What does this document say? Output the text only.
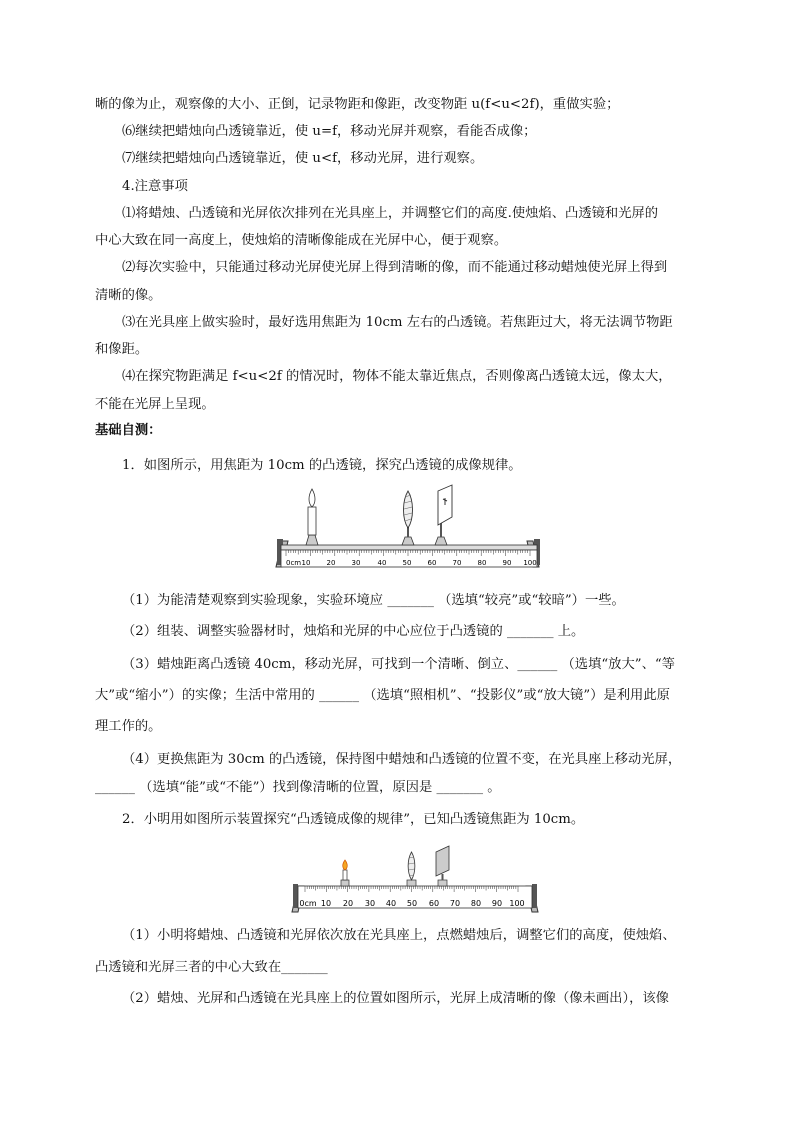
晰的像为止，观察像的大小、正倒，记录物距和像距，改变物距 u(f<u<2f)，重做实验；
⑹继续把蜡烛向凸透镜靠近，使 u=f，移动光屏并观察，看能否成像；
⑺继续把蜡烛向凸透镜靠近，使 u<f，移动光屏，进行观察。
4.注意事项
⑴将蜡烛、凸透镜和光屏依次排列在光具座上，并调整它们的高度.使烛焰、凸透镜和光屏的
中心大致在同一高度上，使烛焰的清晰像能成在光屏中心，便于观察。
⑵每次实验中，只能通过移动光屏使光屏上得到清晰的像，而不能通过移动蜡烛使光屏上得到
清晰的像。
⑶在光具座上做实验时，最好选用焦距为 10cm 左右的凸透镜。若焦距过大，将无法调节物距
和像距。
⑷在探究物距满足 f<u<2f 的情况时，物体不能太靠近焦点，否则像离凸透镜太远，像太大，
不能在光屏上呈现。
基础自测：
1．如图所示，用焦距为 10cm 的凸透镜，探究凸透镜的成像规律。
0cm 10 20 30 40 50 60 70 80 90 100
（1）为能清楚观察到实验现象，实验环境应 _______ （选填“较亮”或“较暗”）一些。
（2）组装、调整实验器材时，烛焰和光屏的中心应位于凸透镜的 _______ 上。
（3）蜡烛距离凸透镜 40cm，移动光屏，可找到一个清晰、倒立、______ （选填“放大”、“等
大”或“缩小”）的实像；生活中常用的 ______ （选填“照相机”、“投影仪”或“放大镜”）是利用此原
理工作的。
（4）更换焦距为 30cm 的凸透镜，保持图中蜡烛和凸透镜的位置不变，在光具座上移动光屏，
______ （选填“能”或“不能”）找到像清晰的位置，原因是 _______ 。
2．小明用如图所示装置探究“凸透镜成像的规律”，已知凸透镜焦距为 10cm。
0cm 10 20 30 40 50 60 70 80 90 100
（1）小明将蜡烛、凸透镜和光屏依次放在光具座上，点燃蜡烛后，调整它们的高度，使烛焰、
凸透镜和光屏三者的中心大致在_______
（2）蜡烛、光屏和凸透镜在光具座上的位置如图所示，光屏上成清晰的像（像未画出），该像
